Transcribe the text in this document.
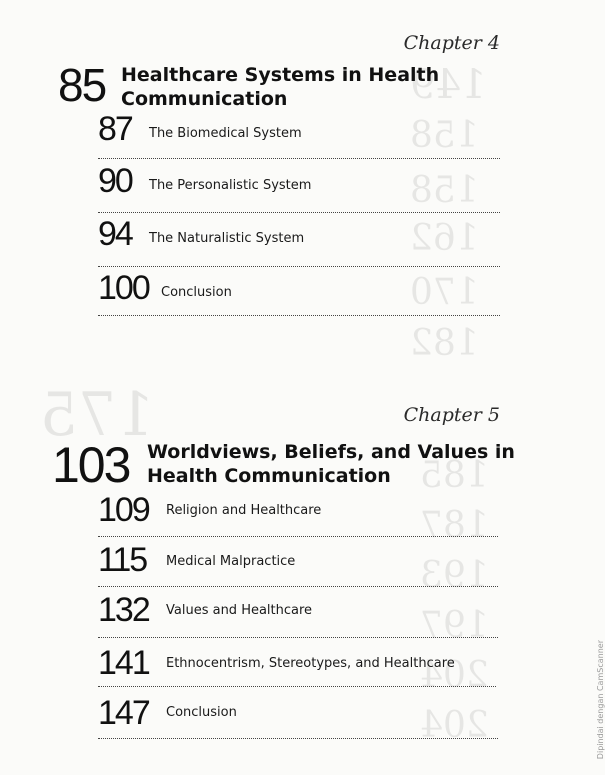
149
158
158
162
170
182
175
185
187
193
197
204
204
Chapter 4
85 Healthcare Systems in Health
Communication
87 The Biomedical System
90 The Personalistic System
94 The Naturalistic System
100 Conclusion
Chapter 5
103 Worldviews, Beliefs, and Values in
Health Communication
109 Religion and Healthcare
115 Medical Malpractice
132 Values and Healthcare
141 Ethnocentrism, Stereotypes, and Healthcare
147 Conclusion	Dipindai dengan CamScanner
